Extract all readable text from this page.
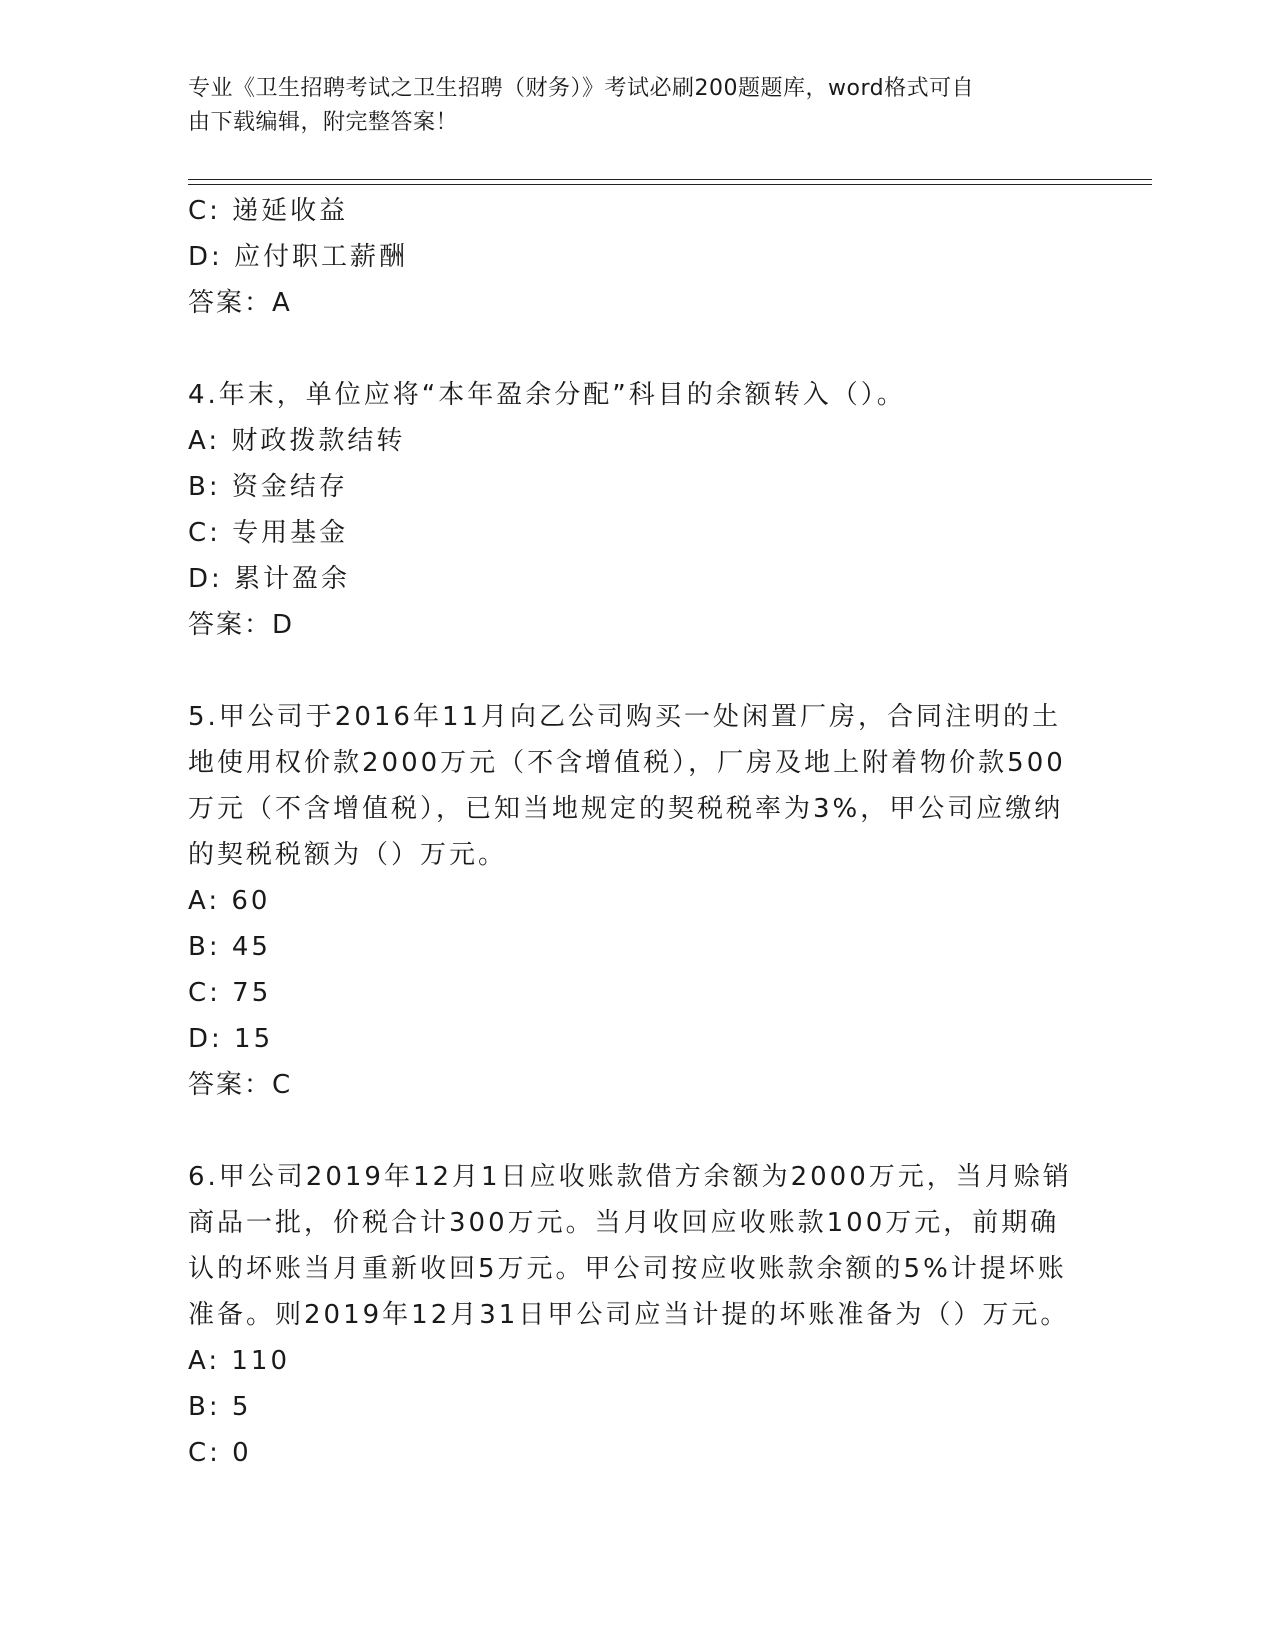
专业《卫生招聘考试之卫生招聘（财务）》考试必刷200题题库，word格式可自
由下载编辑，附完整答案！
C: 递延收益
D: 应付职工薪酬
答案：A
4.年末，单位应将“本年盈余分配”科目的余额转入（）。
A: 财政拨款结转
B: 资金结存
C: 专用基金
D: 累计盈余
答案：D
5.甲公司于2016年11月向乙公司购买一处闲置厂房，合同注明的土
地使用权价款2000万元（不含增值税），厂房及地上附着物价款500
万元（不含增值税），已知当地规定的契税税率为3%，甲公司应缴纳
的契税税额为（）万元。
A: 60
B: 45
C: 75
D: 15
答案：C
6.甲公司2019年12月1日应收账款借方余额为2000万元，当月赊销
商品一批，价税合计300万元。当月收回应收账款100万元，前期确
认的坏账当月重新收回5万元。甲公司按应收账款余额的5%计提坏账
准备。则2019年12月31日甲公司应当计提的坏账准备为（）万元。
A: 110
B: 5
C: 0
